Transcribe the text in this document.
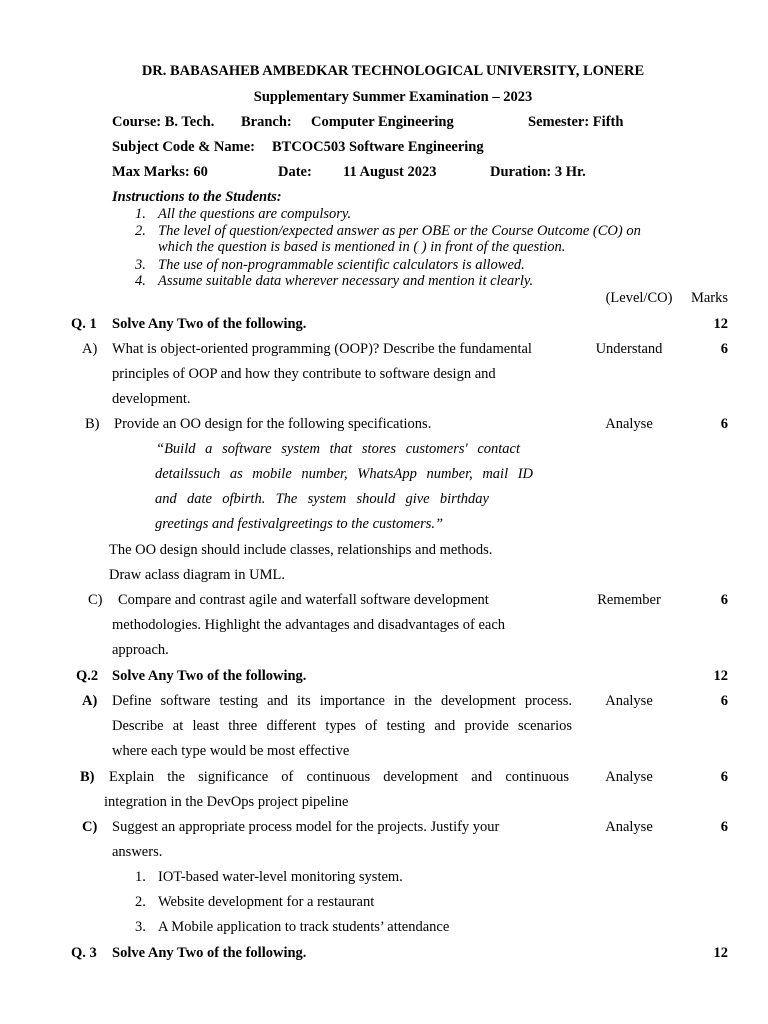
DR. BABASAHEB AMBEDKAR TECHNOLOGICAL UNIVERSITY, LONERE
Supplementary Summer Examination – 2023
Course: B. Tech. Branch: Computer Engineering	Semester: Fifth
Subject Code & Name: BTCOC503 Software Engineering
Max Marks: 60	Date: 11 August 2023	Duration: 3 Hr.
Instructions to the Students:
1. All the questions are compulsory.
2. The level of question/expected answer as per OBE or the Course Outcome (CO) on
which the question is based is mentioned in ( ) in front of the question.
3. The use of non-programmable scientific calculators is allowed.
4. Assume suitable data wherever necessary and mention it clearly.
(Level/CO)	Marks
Q. 1 Solve Any Two of the following.	12
A) What is object-oriented programming (OOP)? Describe the fundamental
principles of OOP and how they contribute to software design and
development.
Understand	6
B) Provide an OO design for the following specifications.	Analyse	6
“Build a software system that stores customers' contact
detailssuch as mobile number, WhatsApp number, mail ID
and date ofbirth. The system should give birthday
greetings and festivalgreetings to the customers.”
The OO design should include classes, relationships and methods.
Draw aclass diagram in UML.
C) Compare and contrast agile and waterfall software development
methodologies. Highlight the advantages and disadvantages of each
approach.
Remember	6
Q.2 Solve Any Two of the following.	12
A) Define software testing and its importance in the development process.
Describe at least three different types of testing and provide scenarios
where each type would be most effective
Analyse	6
B) Explain the significance of continuous development and continuous
integration in the DevOps project pipeline
Analyse	6
C) Suggest an appropriate process model for the projects. Justify your
answers.
Analyse	6
1. IOT-based water-level monitoring system.
2. Website development for a restaurant
3. A Mobile application to track students’ attendance
Q. 3 Solve Any Two of the following.	12
